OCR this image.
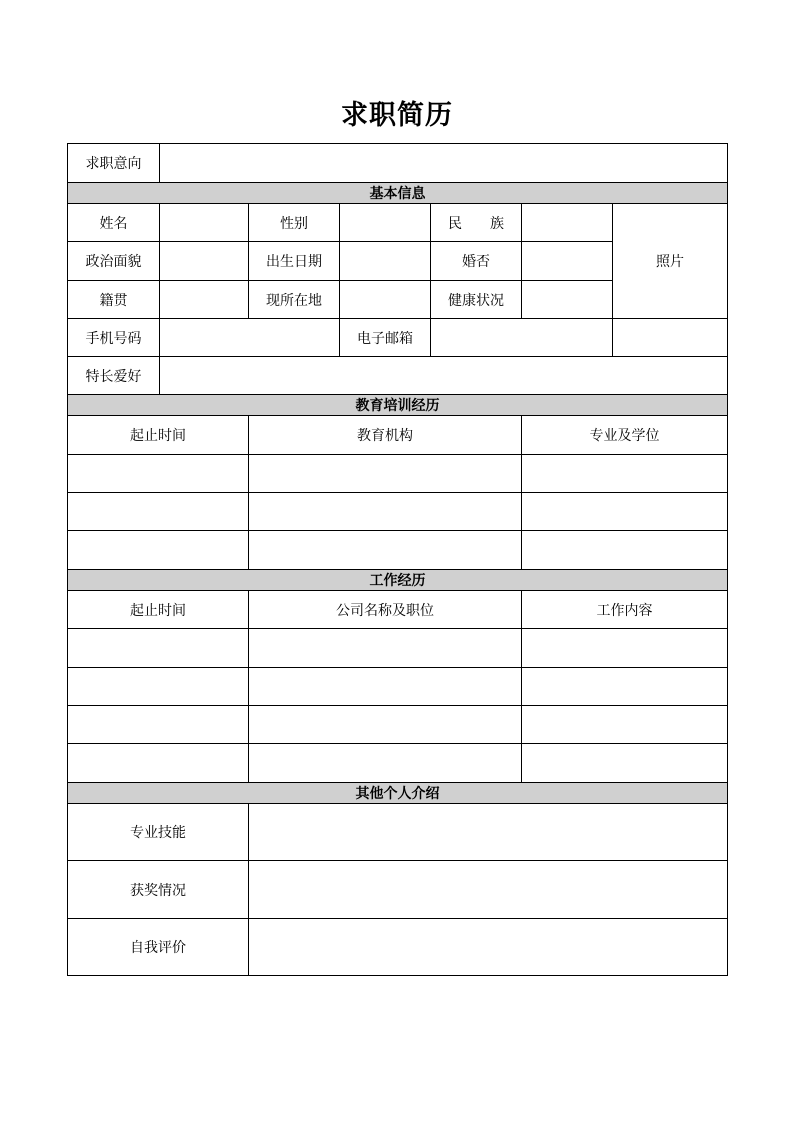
求职简历
求职意向						
基本信息						
姓名		性别		民　族		照片
政治面貌		出生日期		婚否		
籍贯		现所在地		健康状况		
手机号码			电子邮箱			
特长爱好						
教育培训经历						
起止时间		教育机构			专业及学位	

工作经历						
起止时间		公司名称及职位			工作内容	

其他个人介绍						
专业技能						
获奖情况						
自我评价						
